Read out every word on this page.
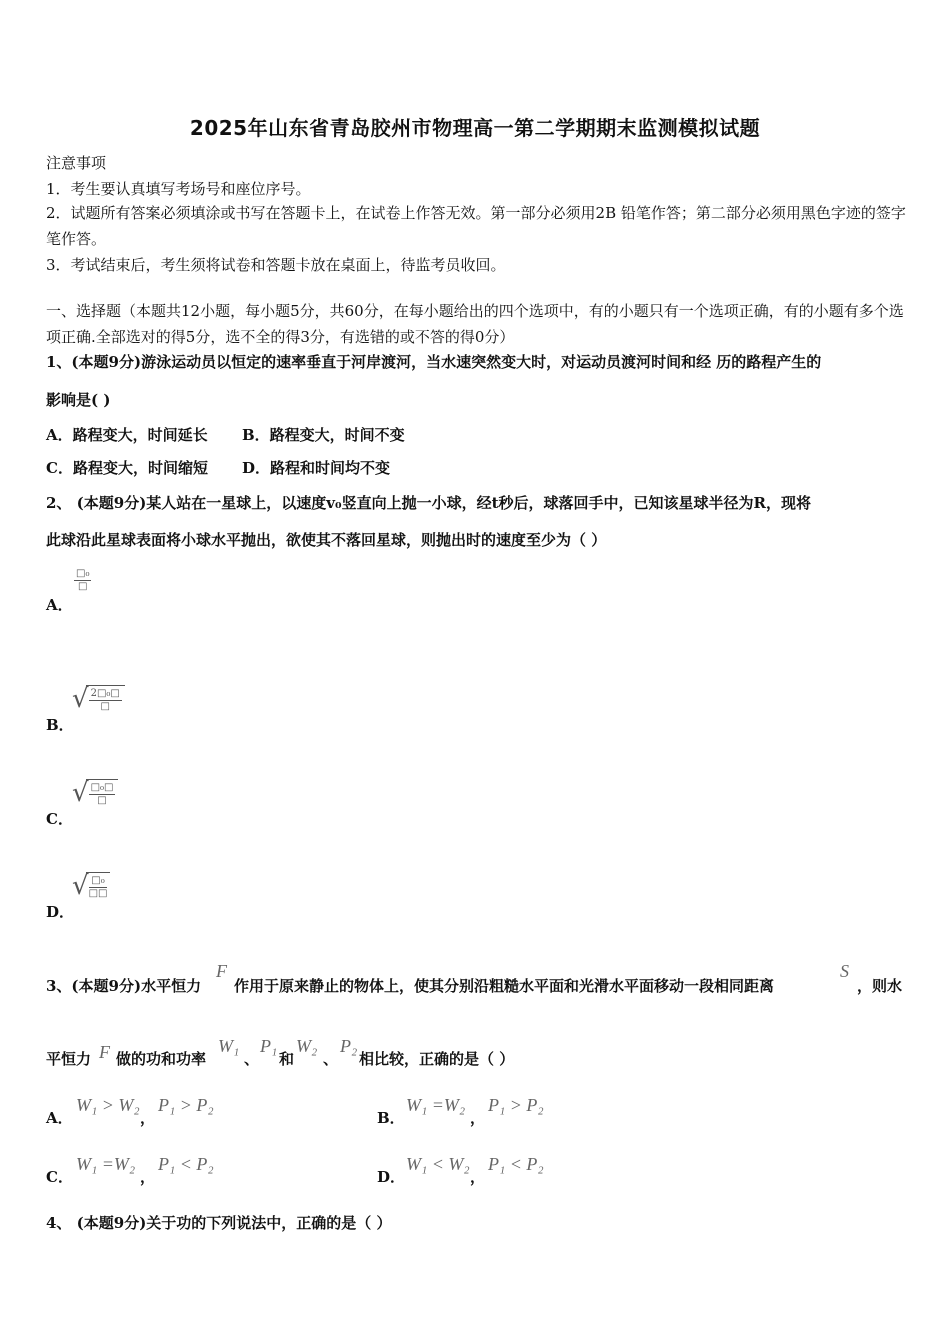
2025年山东省青岛胶州市物理高一第二学期期末监测模拟试题
注意事项
1．考生要认真填写考场号和座位序号。
2．试题所有答案必须填涂或书写在答题卡上，在试卷上作答无效。第一部分必须用2B 铅笔作答；第二部分必须用黑色字迹的签字笔作答。
3．考试结束后，考生须将试卷和答题卡放在桌面上，待监考员收回。
一、选择题（本题共12小题，每小题5分，共60分，在每小题给出的四个选项中，有的小题只有一个选项正确，有的小题有多个选项正确.全部选对的得5分，选不全的得3分，有选错的或不答的得0分）
1、(本题9分)游泳运动员以恒定的速率垂直于河岸渡河，当水速突然变大时，对运动员渡河时间和经 历的路程产生的
影响是( )
A．路程变大，时间延长 B．路程变大，时间不变
C．路程变大，时间缩短 D．路程和时间均不变
2、 (本题9分)某人站在一星球上，以速度v₀竖直向上抛一小球，经t秒后，球落回手中，已知该星球半径为R，现将
此球沿此星球表面将小球水平抛出，欲使其不落回星球，则抛出时的速度至少为（ ）
A．
$\frac{\text{□₀}}{□}$
B．
√ $\frac{\text{2□₀□}}{□}$
C．
√ $\frac{\text{□₀□}}{□}$
D．
√ $\frac{\text{□₀}}{□□}$
3、(本题9分)水平恒力
F
作用于原来静止的物体上，使其分别沿粗糙水平面和光滑水平面移动一段相同距离
S
，则水
平恒力 F 做的功和功率
W₁
、
P₁
和
W₂
、
P₂
相比较，正确的是（ ）
A．
W₁ > W₂
，
P₁ > P₂
B．
W₁ =W₂
，
P₁ > P₂
C．
W₁ =W₂
，
P₁ < P₂
D．
W₁ < W₂
，
P₁ < P₂
4、 (本题9分)关于功的下列说法中，正确的是（ ）
